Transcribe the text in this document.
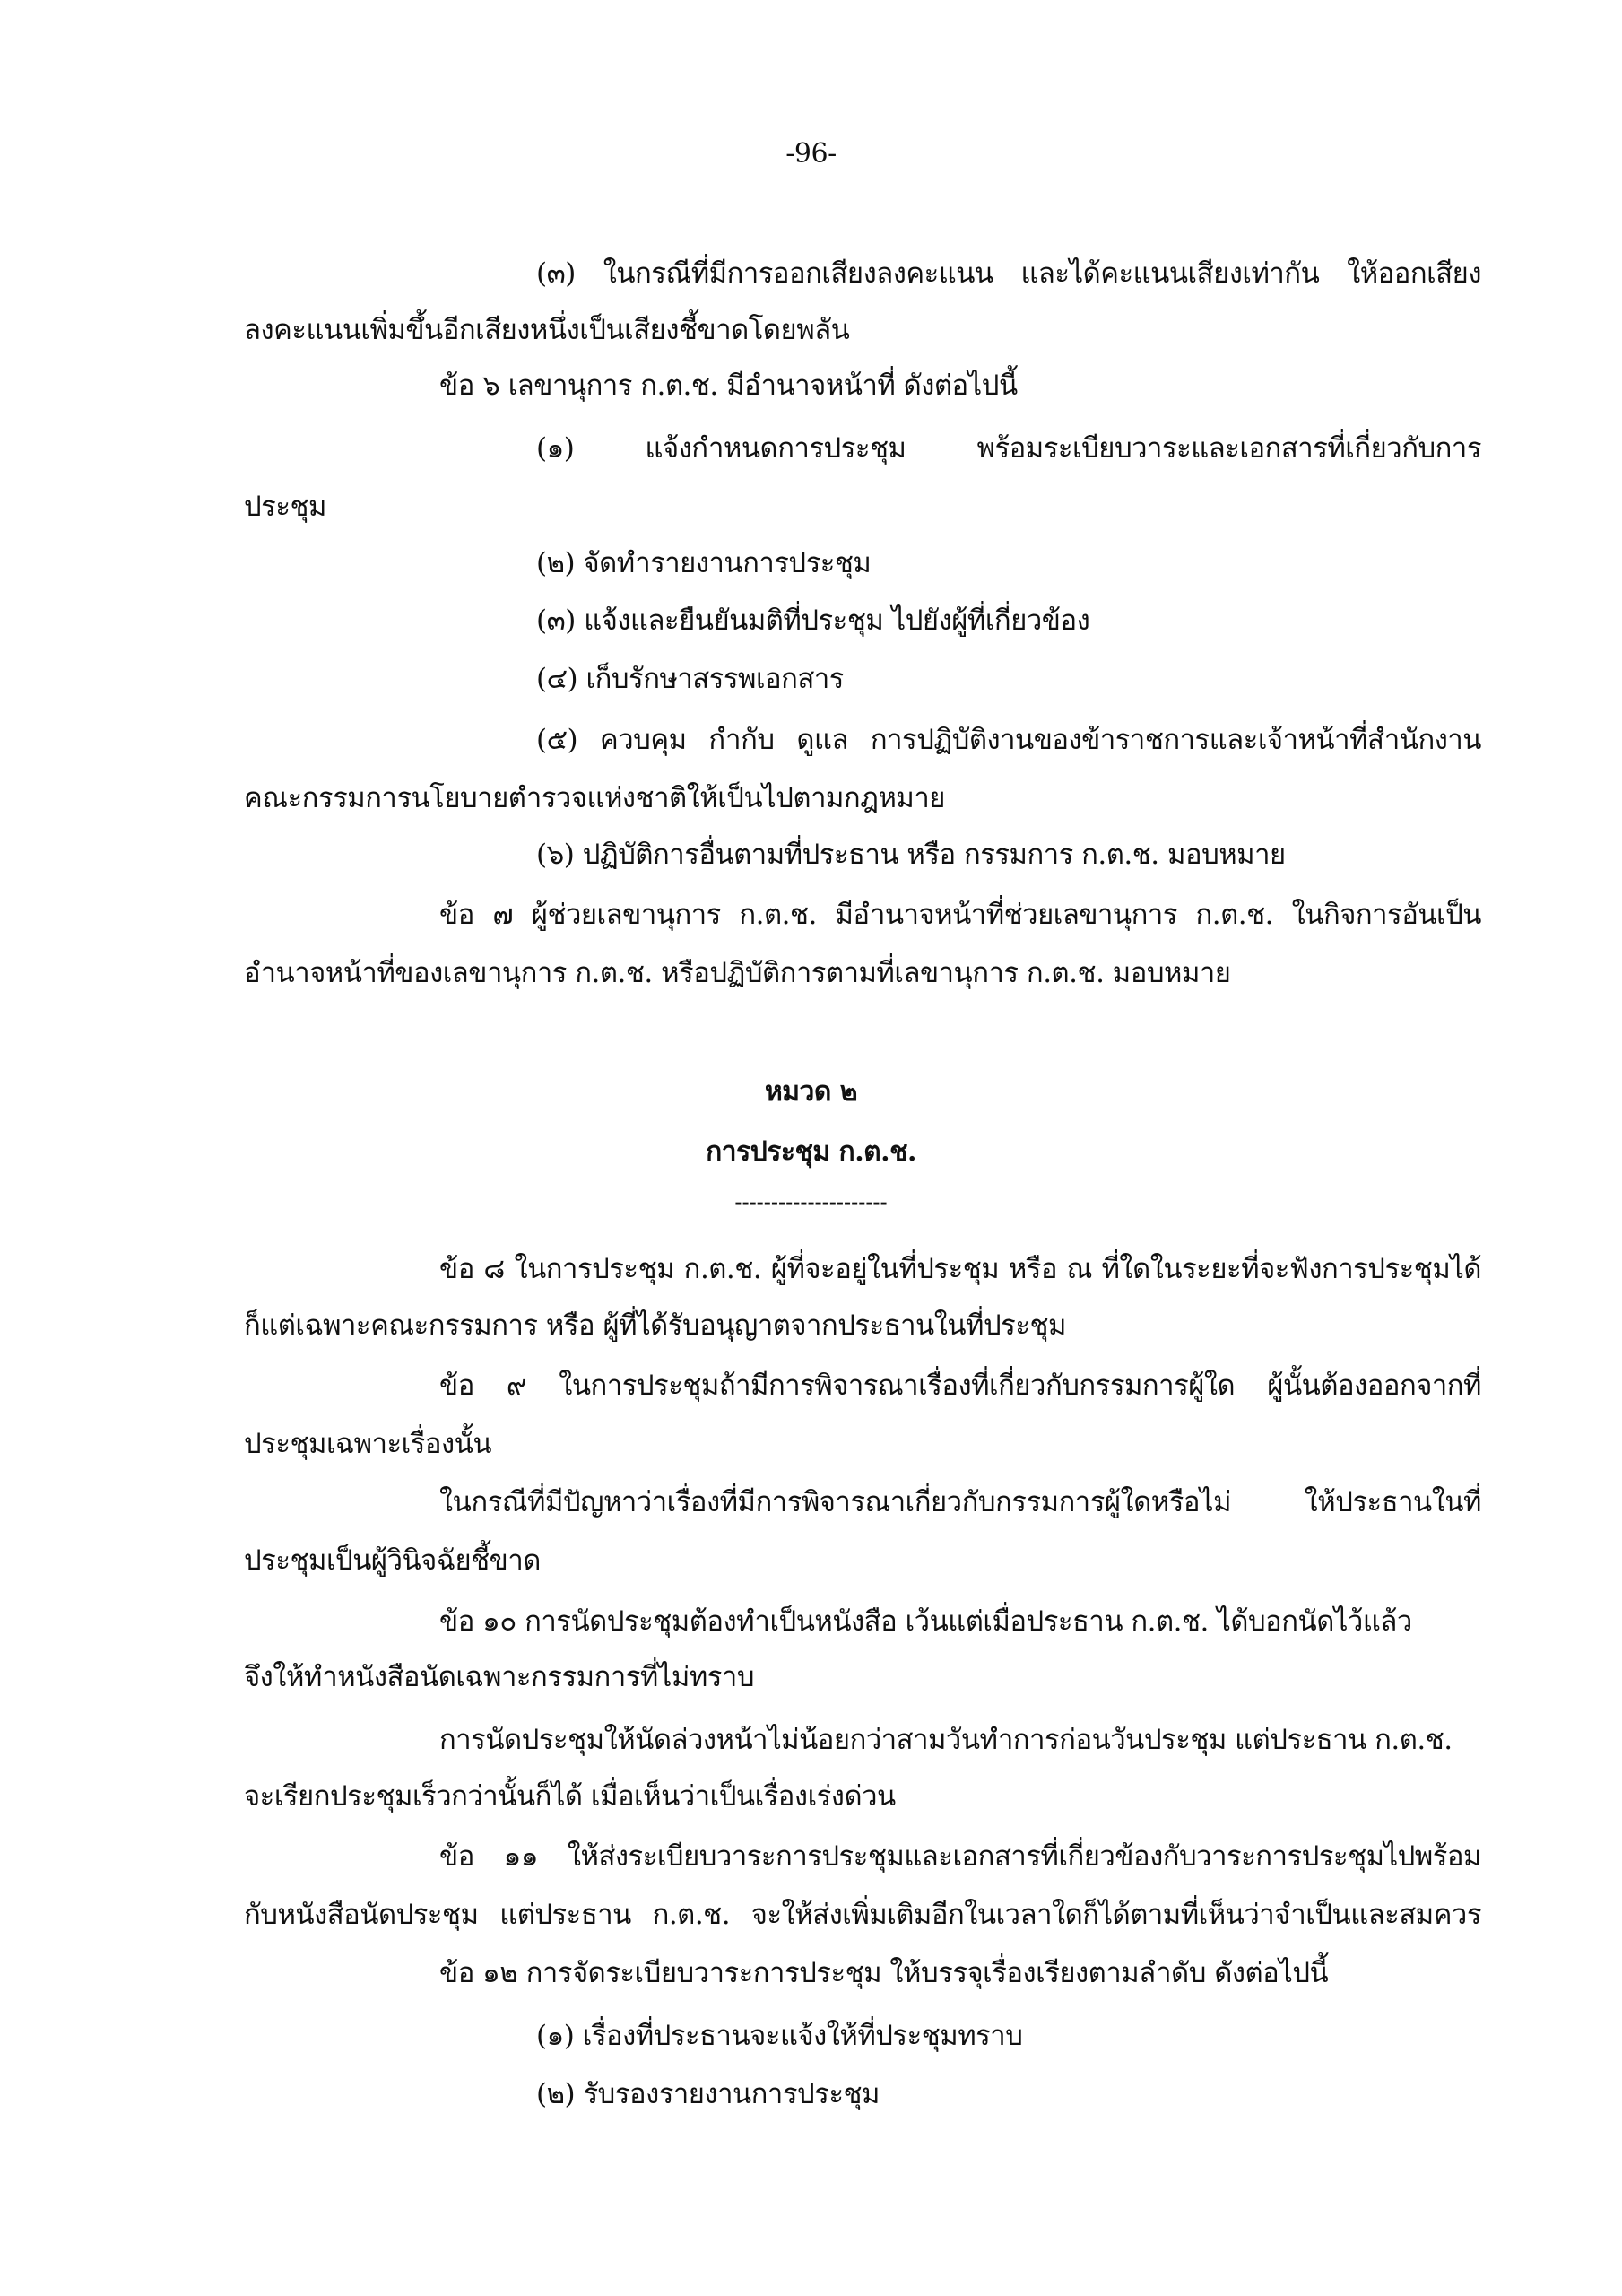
-96-
(๓) ในกรณีที่มีการออกเสียงลงคะแนน และได้คะแนนเสียงเท่ากัน ให้ออกเสียง
ลงคะแนนเพิ่มขึ้นอีกเสียงหนึ่งเป็นเสียงชี้ขาดโดยพลัน
ข้อ ๖ เลขานุการ ก.ต.ช. มีอำนาจหน้าที่ ดังต่อไปนี้
(๑) แจ้งกำหนดการประชุม พร้อมระเบียบวาระและเอกสารที่เกี่ยวกับการ
ประชุม
(๒) จัดทำรายงานการประชุม
(๓) แจ้งและยืนยันมติที่ประชุม ไปยังผู้ที่เกี่ยวข้อง
(๔) เก็บรักษาสรรพเอกสาร
(๕) ควบคุม กำกับ ดูแล การปฏิบัติงานของข้าราชการและเจ้าหน้าที่สำนักงาน
คณะกรรมการนโยบายตำรวจแห่งชาติให้เป็นไปตามกฎหมาย
(๖) ปฏิบัติการอื่นตามที่ประธาน หรือ กรรมการ ก.ต.ช. มอบหมาย
ข้อ ๗ ผู้ช่วยเลขานุการ ก.ต.ช. มีอำนาจหน้าที่ช่วยเลขานุการ ก.ต.ช. ในกิจการอันเป็น
อำนาจหน้าที่ของเลขานุการ ก.ต.ช. หรือปฏิบัติการตามที่เลขานุการ ก.ต.ช. มอบหมาย
หมวด ๒
การประชุม ก.ต.ช.
---------------------
ข้อ ๘ ในการประชุม ก.ต.ช. ผู้ที่จะอยู่ในที่ประชุม หรือ ณ ที่ใดในระยะที่จะฟังการประชุมได้
ก็แต่เฉพาะคณะกรรมการ หรือ ผู้ที่ได้รับอนุญาตจากประธานในที่ประชุม
ข้อ ๙ ในการประชุมถ้ามีการพิจารณาเรื่องที่เกี่ยวกับกรรมการผู้ใด ผู้นั้นต้องออกจากที่
ประชุมเฉพาะเรื่องนั้น
ในกรณีที่มีปัญหาว่าเรื่องที่มีการพิจารณาเกี่ยวกับกรรมการผู้ใดหรือไม่ ให้ประธานในที่
ประชุมเป็นผู้วินิจฉัยชี้ขาด
ข้อ ๑๐ การนัดประชุมต้องทำเป็นหนังสือ เว้นแต่เมื่อประธาน ก.ต.ช. ได้บอกนัดไว้แล้ว
จึงให้ทำหนังสือนัดเฉพาะกรรมการที่ไม่ทราบ
การนัดประชุมให้นัดล่วงหน้าไม่น้อยกว่าสามวันทำการก่อนวันประชุม แต่ประธาน ก.ต.ช.
จะเรียกประชุมเร็วกว่านั้นก็ได้ เมื่อเห็นว่าเป็นเรื่องเร่งด่วน
ข้อ ๑๑ ให้ส่งระเบียบวาระการประชุมและเอกสารที่เกี่ยวข้องกับวาระการประชุมไปพร้อม
กับหนังสือนัดประชุม แต่ประธาน ก.ต.ช. จะให้ส่งเพิ่มเติมอีกในเวลาใดก็ได้ตามที่เห็นว่าจำเป็นและสมควร
ข้อ ๑๒ การจัดระเบียบวาระการประชุม ให้บรรจุเรื่องเรียงตามลำดับ ดังต่อไปนี้
(๑) เรื่องที่ประธานจะแจ้งให้ที่ประชุมทราบ
(๒) รับรองรายงานการประชุม
